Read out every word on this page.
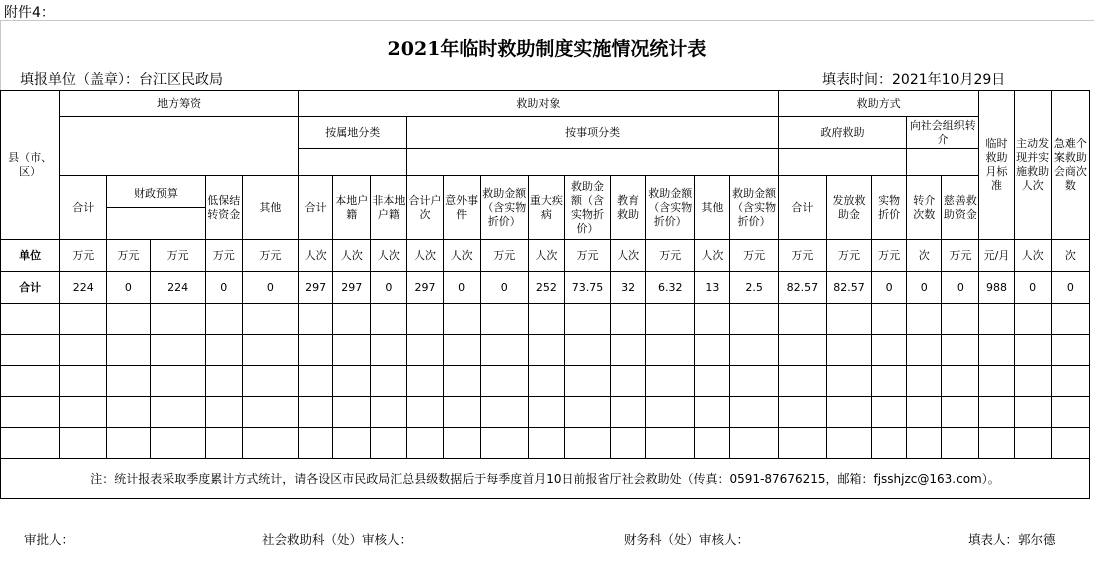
附件4：
2021年临时救助制度实施情况统计表
填报单位（盖章）：台江区民政局	填表时间：2021年10月29日
县（市、区）	地方筹资					救助对象												救助方式					临时救助月标准	主动发现并实施救助人次	急难个案救助会商次数
						按属地分类			按事项分类									政府救助			向社会组织转介				

	合计	财政预算		低保结转资金	其他	合计	本地户籍	非本地户籍	合计户次	意外事件	救助金额（含实物折价）	重大疾病	救助金额（含实物折价）	教育救助	救助金额（含实物折价）	其他	救助金额（含实物折价）	合计	发放救助金	实物折价	转介次数	慈善救助资金			
单位	万元	万元	万元	万元	万元	人次	人次	人次	人次	人次	万元	人次	万元	人次	万元	人次	万元	万元	万元	万元	次	万元	元/月	人次	次
合计	224	0	224	0	0	297	297	0	297	0	0	252	73.75	32	6.32	13	2.5	82.57	82.57	0	0	0	988	0	0

注：统计报表采取季度累计方式统计，请各设区市民政局汇总县级数据后于每季度首月10日前报省厅社会救助处（传真：0591-87676215，邮箱：fjsshjzc@163.com）。																									
审批人：	社会救助科（处）审核人：	财务科（处）审核人：	填表人：郭尔德
